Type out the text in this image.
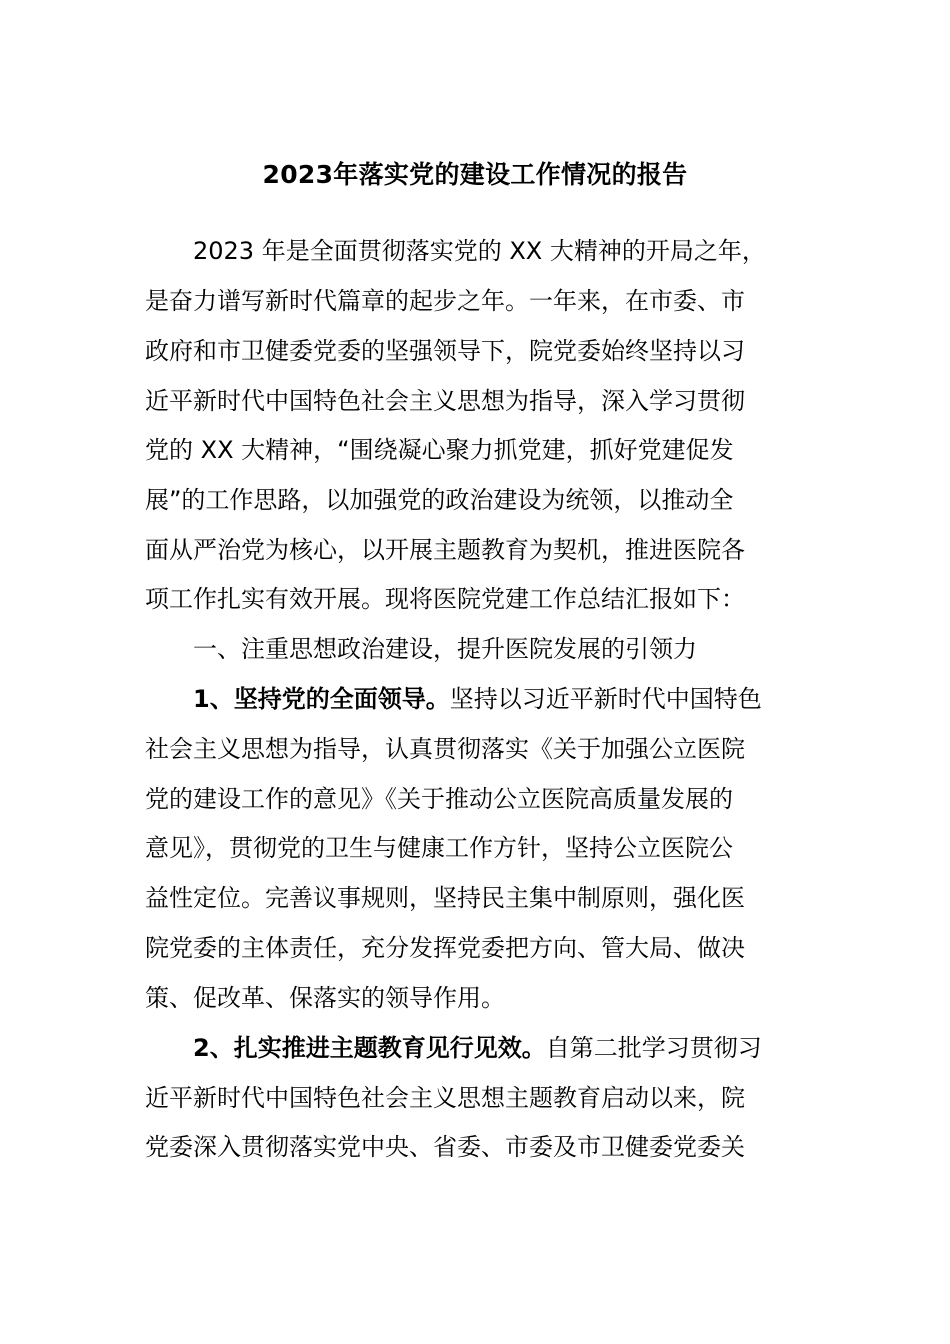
2023年落实党的建设工作情况的报告
2023 年是全面贯彻落实党的 XX 大精神的开局之年，
是奋力谱写新时代篇章的起步之年。一年来，在市委、市
政府和市卫健委党委的坚强领导下，院党委始终坚持以习
近平新时代中国特色社会主义思想为指导，深入学习贯彻
党的 XX 大精神，“围绕凝心聚力抓党建，抓好党建促发
展”的工作思路，以加强党的政治建设为统领，以推动全
面从严治党为核心，以开展主题教育为契机，推进医院各
项工作扎实有效开展。现将医院党建工作总结汇报如下：
一、注重思想政治建设，提升医院发展的引领力
1、坚持党的全面领导。坚持以习近平新时代中国特色
社会主义思想为指导，认真贯彻落实《关于加强公立医院
党的建设工作的意见》《关于推动公立医院高质量发展的
意见》，贯彻党的卫生与健康工作方针，坚持公立医院公
益性定位。完善议事规则，坚持民主集中制原则，强化医
院党委的主体责任，充分发挥党委把方向、管大局、做决
策、促改革、保落实的领导作用。
2、扎实推进主题教育见行见效。自第二批学习贯彻习
近平新时代中国特色社会主义思想主题教育启动以来，院
党委深入贯彻落实党中央、省委、市委及市卫健委党委关
